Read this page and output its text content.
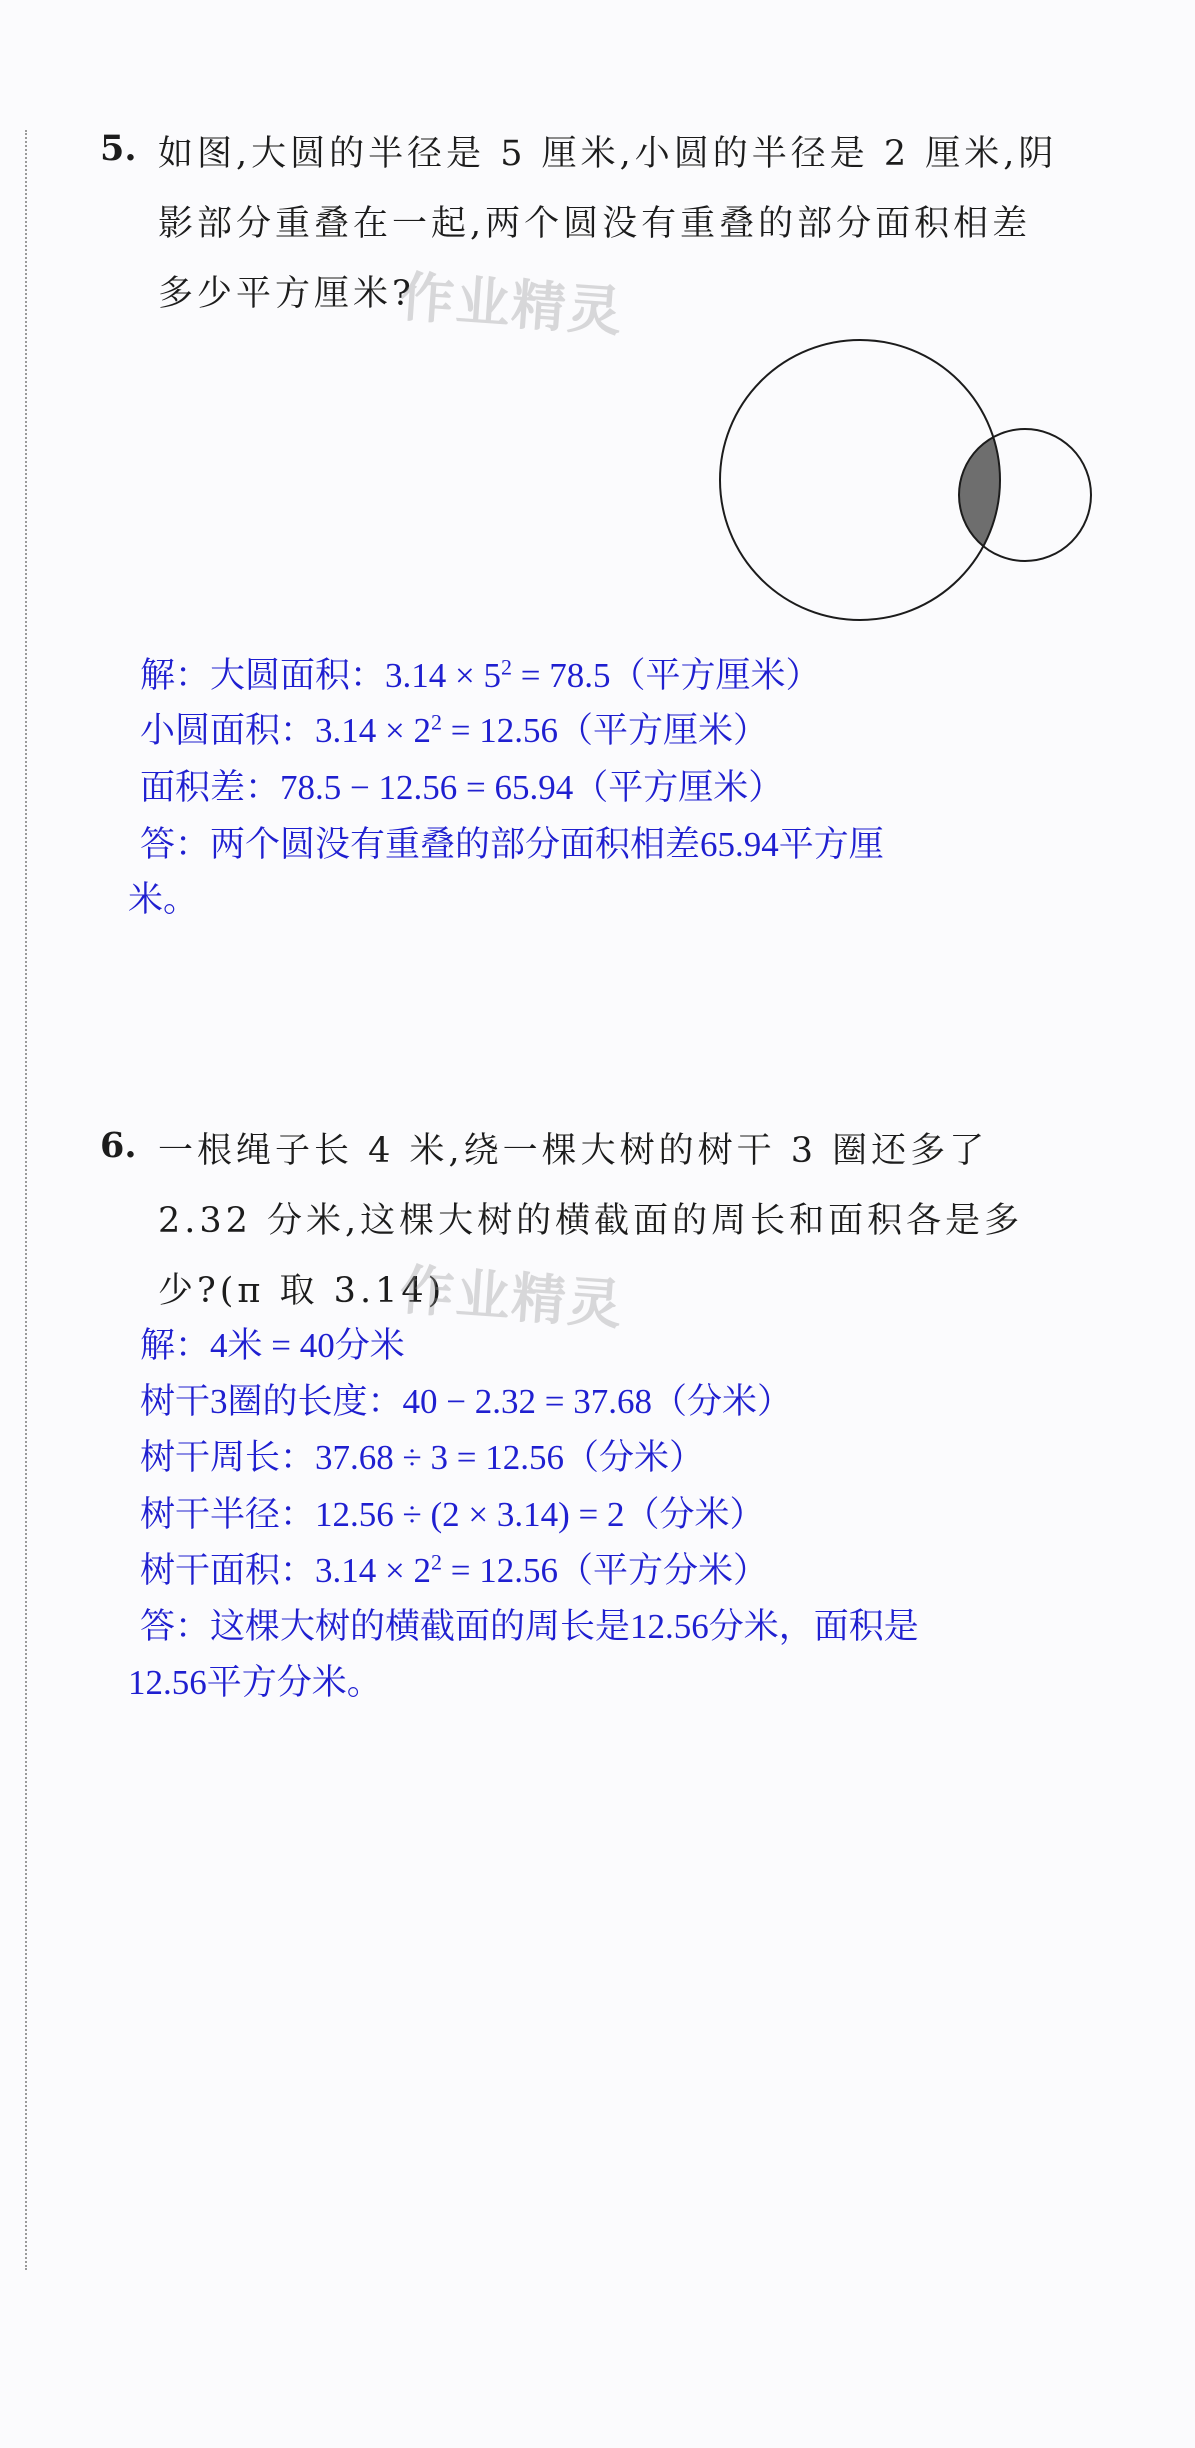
5. 如图,大圆的半径是 5 厘米,小圆的半径是 2 厘米,阴
影部分重叠在一起,两个圆没有重叠的部分面积相差
多少平方厘米?
作业精灵
解：大圆面积：$3.14 \times 5^2 = 78.5$（平方厘米）
小圆面积：$3.14 \times 2^2 = 12.56$（平方厘米）
面积差：78.5 − 12.56 = 65.94（平方厘米）
答：两个圆没有重叠的部分面积相差65.94平方厘
米。
6. 一根绳子长 4 米,绕一棵大树的树干 3 圈还多了
2.32 分米,这棵大树的横截面的周长和面积各是多
少?(π 取 3.14)
作业精灵
解：4米 = 40分米
树干3圈的长度：40 − 2.32 = 37.68（分米）
树干周长：37.68 ÷ 3 = 12.56（分米）
树干半径：12.56 ÷ (2 × 3.14) = 2（分米）
树干面积：$3.14 \times 2^2 = 12.56$（平方分米）
答：这棵大树的横截面的周长是12.56分米，面积是
12.56平方分米。
